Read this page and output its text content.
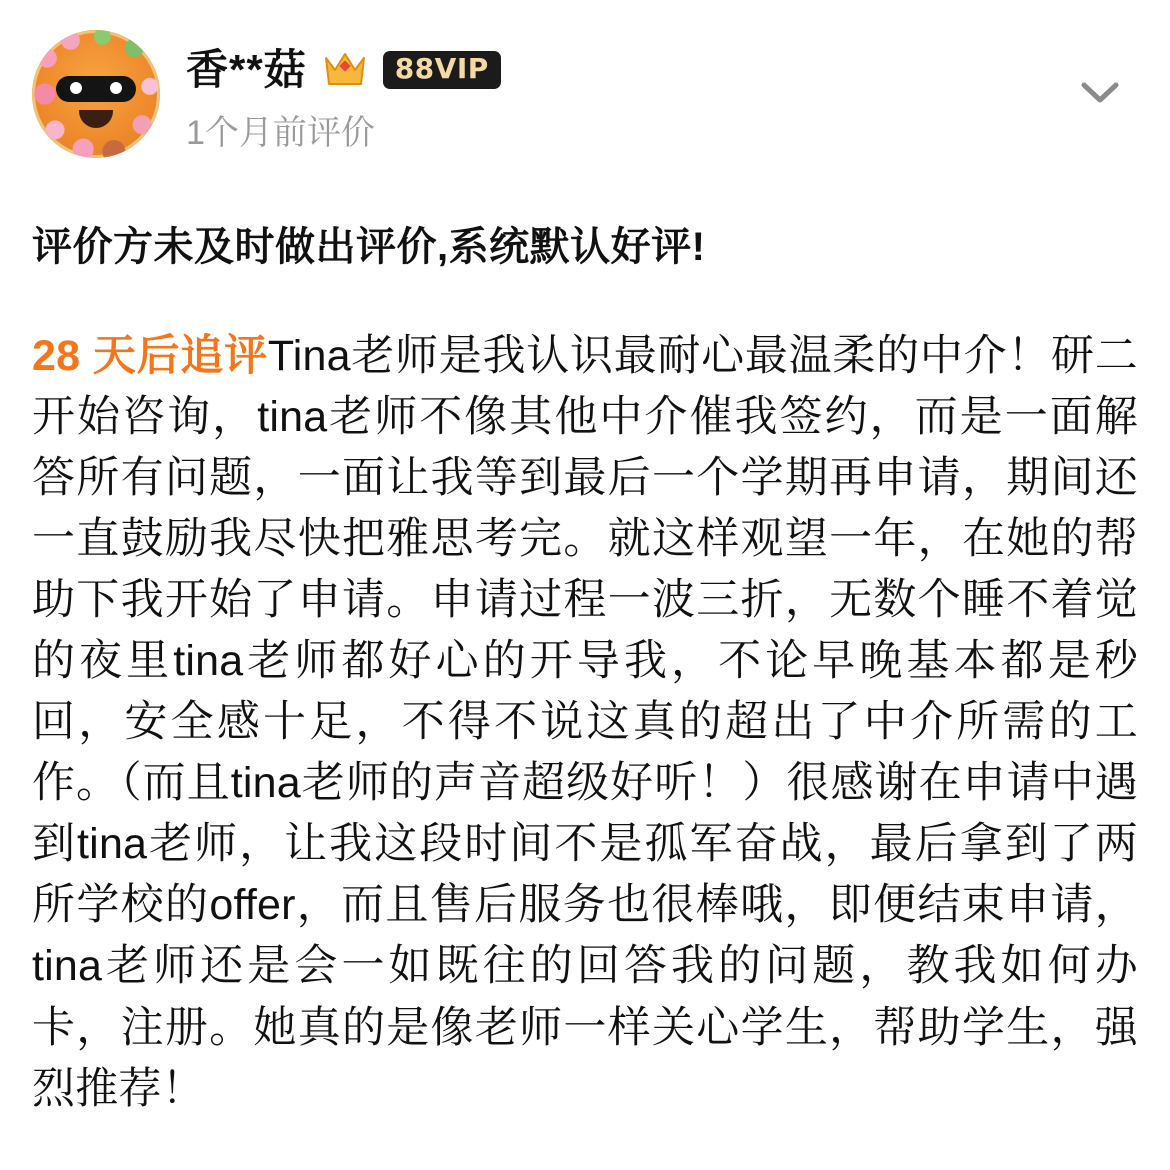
香**菇	88VIP
1个月前评价

评价方未及时做出评价,系统默认好评!

28 天后追评Tina老师是我认识最耐心最温柔的中介！研二开始咨询，tina老师不像其他中介催我签约，而是一面解答所有问题，一面让我等到最后一个学期再申请，期间还一直鼓励我尽快把雅思考完。就这样观望一年，在她的帮助下我开始了申请。申请过程一波三折，无数个睡不着觉的夜里tina老师都好心的开导我，不论早晚基本都是秒回，安全感十足，不得不说这真的超出了中介所需的工作。（而且tina老师的声音超级好听！）很感谢在申请中遇到tina老师，让我这段时间不是孤军奋战，最后拿到了两所学校的offer，而且售后服务也很棒哦，即便结束申请，tina老师还是会一如既往的回答我的问题，教我如何办卡，注册。她真的是像老师一样关心学生，帮助学生，强烈推荐！
